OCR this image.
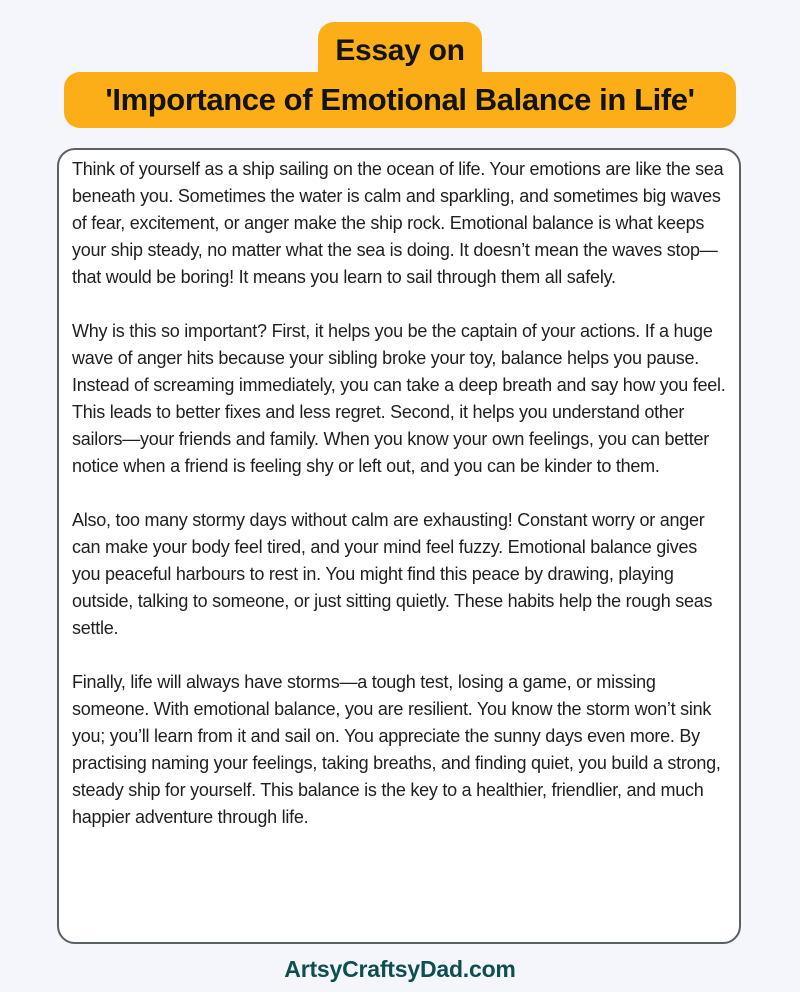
Essay on
'Importance of Emotional Balance in Life'

Think of yourself as a ship sailing on the ocean of life. Your emotions are like the sea beneath you. Sometimes the water is calm and sparkling, and sometimes big waves of fear, excitement, or anger make the ship rock. Emotional balance is what keeps your ship steady, no matter what the sea is doing. It doesn’t mean the waves stop—that would be boring! It means you learn to sail through them all safely.

Why is this so important? First, it helps you be the captain of your actions. If a huge wave of anger hits because your sibling broke your toy, balance helps you pause. Instead of screaming immediately, you can take a deep breath and say how you feel. This leads to better fixes and less regret. Second, it helps you understand other sailors—your friends and family. When you know your own feelings, you can better notice when a friend is feeling shy or left out, and you can be kinder to them.

Also, too many stormy days without calm are exhausting! Constant worry or anger can make your body feel tired, and your mind feel fuzzy. Emotional balance gives you peaceful harbours to rest in. You might find this peace by drawing, playing outside, talking to someone, or just sitting quietly. These habits help the rough seas settle.

Finally, life will always have storms—a tough test, losing a game, or missing someone. With emotional balance, you are resilient. You know the storm won’t sink you; you’ll learn from it and sail on. You appreciate the sunny days even more. By practising naming your feelings, taking breaths, and finding quiet, you build a strong, steady ship for yourself. This balance is the key to a healthier, friendlier, and much happier adventure through life.

ArtsyCraftsyDad.com
